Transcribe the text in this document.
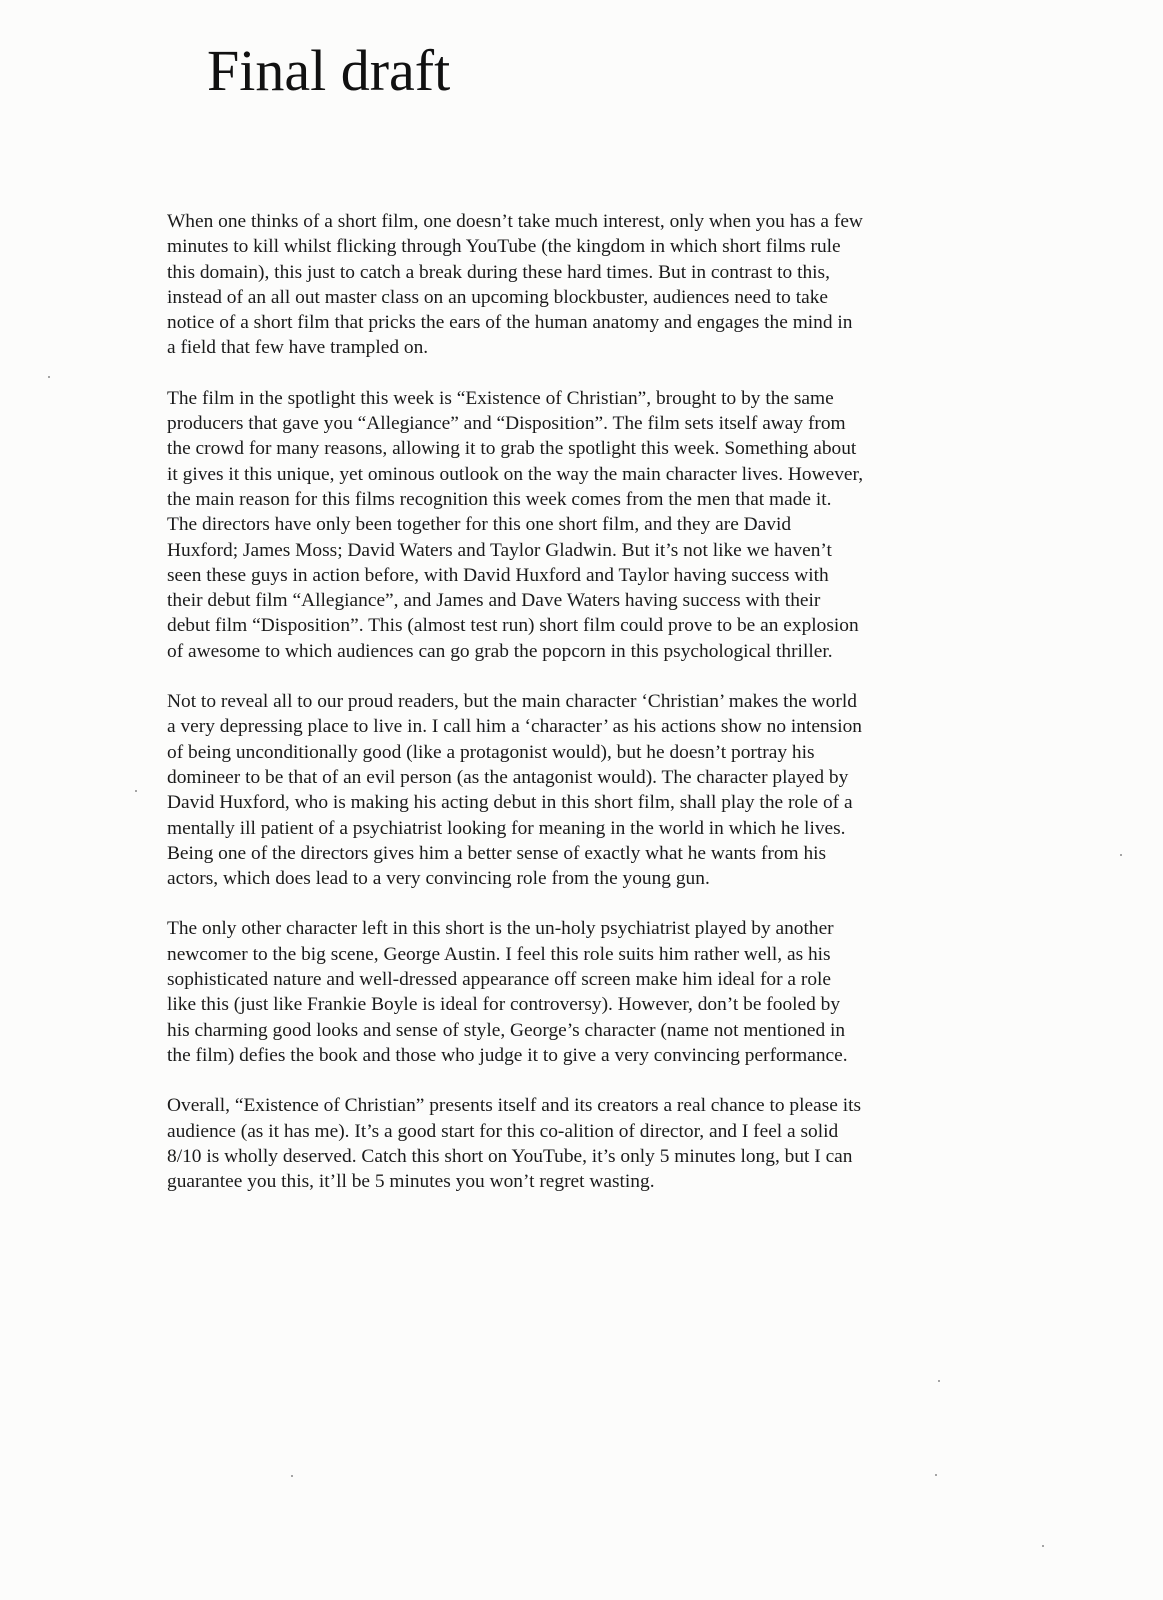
Final draft
When one thinks of a short film, one doesn’t take much interest, only when you has a few
minutes to kill whilst flicking through YouTube (the kingdom in which short films rule
this domain), this just to catch a break during these hard times. But in contrast to this,
instead of an all out master class on an upcoming blockbuster, audiences need to take
notice of a short film that pricks the ears of the human anatomy and engages the mind in
a field that few have trampled on.
The film in the spotlight this week is “Existence of Christian”, brought to by the same
producers that gave you “Allegiance” and “Disposition”. The film sets itself away from
the crowd for many reasons, allowing it to grab the spotlight this week. Something about
it gives it this unique, yet ominous outlook on the way the main character lives. However,
the main reason for this films recognition this week comes from the men that made it.
The directors have only been together for this one short film, and they are David
Huxford; James Moss; David Waters and Taylor Gladwin. But it’s not like we haven’t
seen these guys in action before, with David Huxford and Taylor having success with
their debut film “Allegiance”, and James and Dave Waters having success with their
debut film “Disposition”. This (almost test run) short film could prove to be an explosion
of awesome to which audiences can go grab the popcorn in this psychological thriller.
Not to reveal all to our proud readers, but the main character ‘Christian’ makes the world
a very depressing place to live in. I call him a ‘character’ as his actions show no intension
of being unconditionally good (like a protagonist would), but he doesn’t portray his
domineer to be that of an evil person (as the antagonist would). The character played by
David Huxford, who is making his acting debut in this short film, shall play the role of a
mentally ill patient of a psychiatrist looking for meaning in the world in which he lives.
Being one of the directors gives him a better sense of exactly what he wants from his
actors, which does lead to a very convincing role from the young gun.
The only other character left in this short is the un-holy psychiatrist played by another
newcomer to the big scene, George Austin. I feel this role suits him rather well, as his
sophisticated nature and well-dressed appearance off screen make him ideal for a role
like this (just like Frankie Boyle is ideal for controversy). However, don’t be fooled by
his charming good looks and sense of style, George’s character (name not mentioned in
the film) defies the book and those who judge it to give a very convincing performance.
Overall, “Existence of Christian” presents itself and its creators a real chance to please its
audience (as it has me). It’s a good start for this co-alition of director, and I feel a solid
8/10 is wholly deserved. Catch this short on YouTube, it’s only 5 minutes long, but I can
guarantee you this, it’ll be 5 minutes you won’t regret wasting.
